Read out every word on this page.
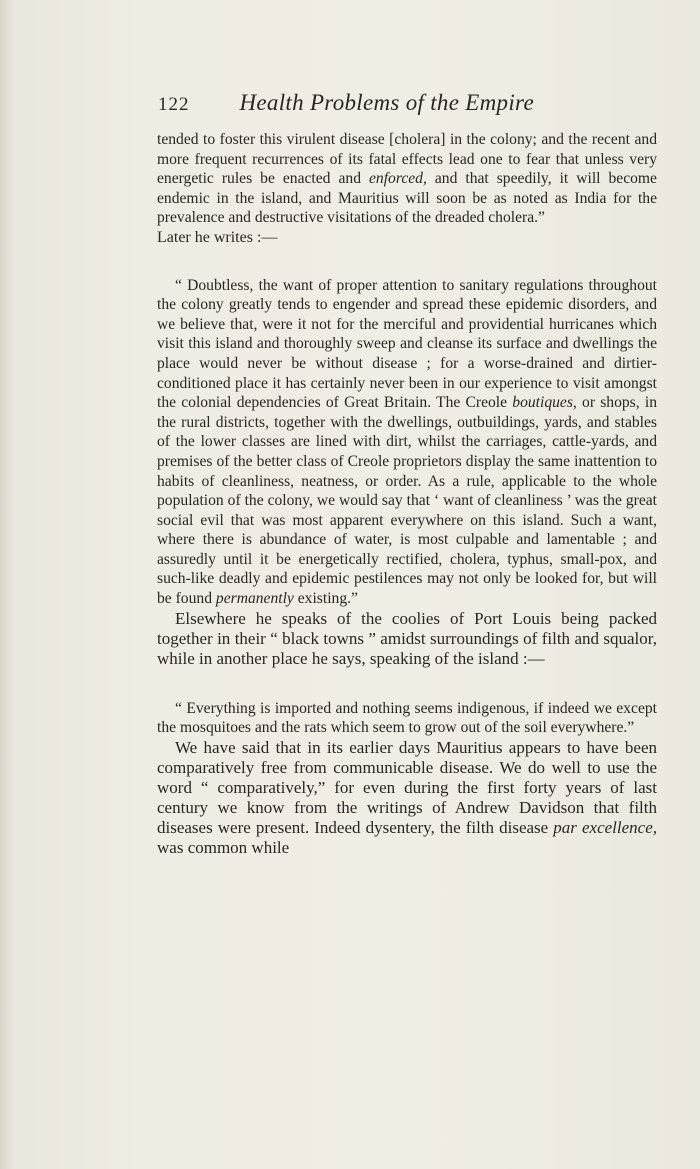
122 Health Problems of the Empire

tended to foster this virulent disease [cholera] in the colony; and the recent and more frequent recurrences of its fatal effects lead one to fear that unless very energetic rules be enacted and enforced, and that speedily, it will become endemic in the island, and Mauritius will soon be as noted as India for the prevalence and destructive visitations of the dreaded cholera.”

Later he writes :—

“ Doubtless, the want of proper attention to sanitary regulations throughout the colony greatly tends to engender and spread these epidemic disorders, and we believe that, were it not for the merciful and providential hurricanes which visit this island and thoroughly sweep and cleanse its surface and dwellings the place would never be without disease ; for a worse-drained and dirtier-conditioned place it has certainly never been in our experience to visit amongst the colonial dependencies of Great Britain. The Creole boutiques, or shops, in the rural districts, together with the dwellings, outbuildings, yards, and stables of the lower classes are lined with dirt, whilst the carriages, cattle-yards, and premises of the better class of Creole proprietors display the same inattention to habits of cleanliness, neatness, or order. As a rule, applicable to the whole population of the colony, we would say that ‘ want of cleanliness ’ was the great social evil that was most apparent everywhere on this island. Such a want, where there is abundance of water, is most culpable and lamentable ; and assuredly until it be energetically rectified, cholera, typhus, small-pox, and such-like deadly and epidemic pestilences may not only be looked for, but will be found permanently existing.”

Elsewhere he speaks of the coolies of Port Louis being packed together in their “ black towns ” amidst surroundings of filth and squalor, while in another place he says, speaking of the island :—

“ Everything is imported and nothing seems indigenous, if indeed we except the mosquitoes and the rats which seem to grow out of the soil everywhere.”

We have said that in its earlier days Mauritius appears to have been comparatively free from communicable disease. We do well to use the word “ comparatively,” for even during the first forty years of last century we know from the writings of Andrew Davidson that filth diseases were present. Indeed dysentery, the filth disease par excellence, was common while
